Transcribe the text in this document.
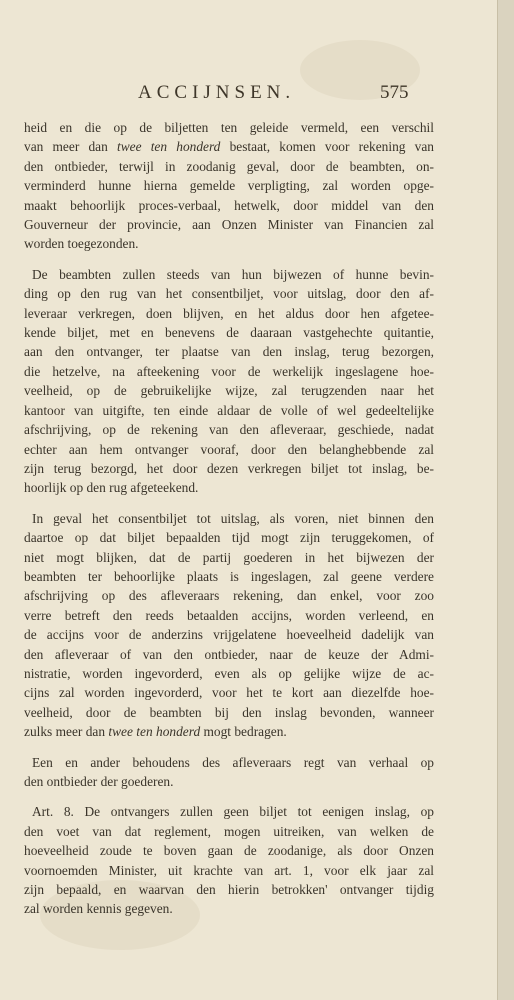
ACCIJNSEN.	575

heid en die op de biljetten ten geleide vermeld, een verschil
van meer dan twee ten honderd bestaat, komen voor rekening van
den ontbieder, terwijl in zoodanig geval, door de beambten, on-
verminderd hunne hierna gemelde verpligting, zal worden opge-
maakt behoorlijk proces-verbaal, hetwelk, door middel van den
Gouverneur der provincie, aan Onzen Minister van Financien zal
worden toegezonden.

De beambten zullen steeds van hun bijwezen of hunne bevin-
ding op den rug van het consentbiljet, voor uitslag, door den af-
leveraar verkregen, doen blijven, en het aldus door hen afgetee-
kende biljet, met en benevens de daaraan vastgehechte quitantie,
aan den ontvanger, ter plaatse van den inslag, terug bezorgen,
die hetzelve, na afteekening voor de werkelijk ingeslagene hoe-
veelheid, op de gebruikelijke wijze, zal terugzenden naar het
kantoor van uitgifte, ten einde aldaar de volle of wel gedeeltelijke
afschrijving, op de rekening van den afleveraar, geschiede, nadat
echter aan hem ontvanger vooraf, door den belanghebbende zal
zijn terug bezorgd, het door dezen verkregen biljet tot inslag, be-
hoorlijk op den rug afgeteekend.

In geval het consentbiljet tot uitslag, als voren, niet binnen den
daartoe op dat biljet bepaalden tijd mogt zijn teruggekomen, of
niet mogt blijken, dat de partij goederen in het bijwezen der
beambten ter behoorlijke plaats is ingeslagen, zal geene verdere
afschrijving op des afleveraars rekening, dan enkel, voor zoo
verre betreft den reeds betaalden accijns, worden verleend, en
de accijns voor de anderzins vrijgelatene hoeveelheid dadelijk van
den afleveraar of van den ontbieder, naar de keuze der Admi-
nistratie, worden ingevorderd, even als op gelijke wijze de ac-
cijns zal worden ingevorderd, voor het te kort aan diezelfde hoe-
veelheid, door de beambten bij den inslag bevonden, wanneer
zulks meer dan twee ten honderd mogt bedragen.

Een en ander behoudens des afleveraars regt van verhaal op
den ontbieder der goederen.

Art. 8. De ontvangers zullen geen biljet tot eenigen inslag, op
den voet van dat reglement, mogen uitreiken, van welken de
hoeveelheid zoude te boven gaan de zoodanige, als door Onzen
voornoemden Minister, uit krachte van art. 1, voor elk jaar zal
zijn bepaald, en waarvan den hierin betrokken' ontvanger tijdig
zal worden kennis gegeven.
